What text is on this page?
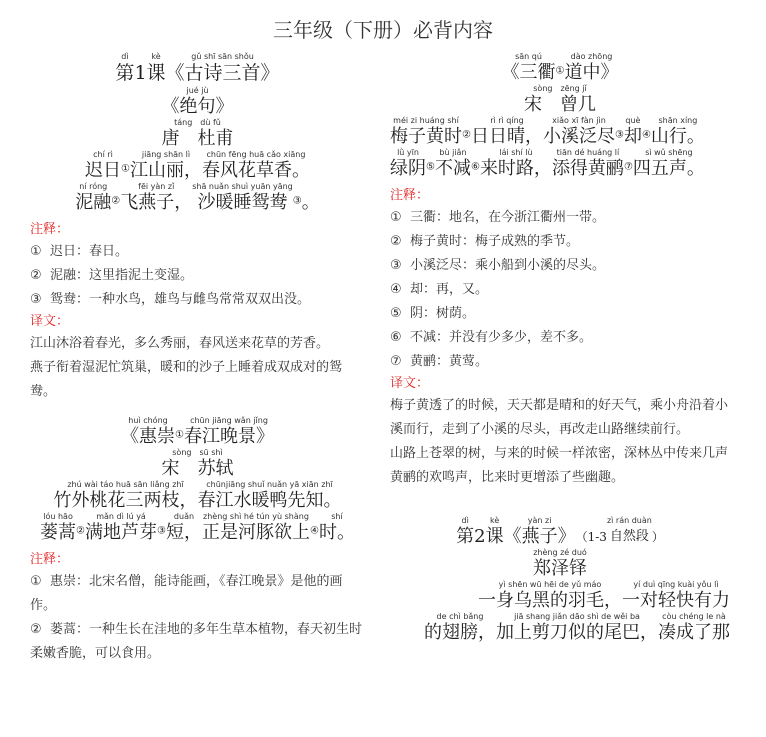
三年级（下册）必背内容
dì
第 1
kè
课
gǔ shī sān shǒu
《古诗三首》
jué jù
《绝句》
táng　dù fǔ
唐　杜甫
chí rì
迟日 ①
jiāng shān lì
江山丽，
chūn fēng huā cǎo xiāng
春风花草香。
ní róng
泥融 ②
fēi yàn zǐ
飞燕子，
shā nuǎn shuì yuān yāng
沙暖睡鸳鸯 ③
。
注释：
① 迟日：春日。
② 泥融：这里指泥土变湿。
③ 鸳鸯：一种水鸟，雄鸟与雌鸟常常双双出没。
译文：
江山沐浴着春光，多么秀丽，春风送来花草的芳香。
燕子衔着湿泥忙筑巢，暖和的沙子上睡着成双成对的鸳鸯。
huì chóng
《惠崇 ①
chūn jiāng wǎn jǐng
春江晚景》
sòng　sū shì
宋　苏轼
zhú wài táo huā sān liǎng zhī
竹外桃花三两枝，
chūnjiāng shuǐ nuǎn yā xiān zhī
春江水暖鸭先知。
lóu hāo
蒌蒿 ②
mǎn dì lú yá
满地芦芽 ③
duǎn
短，
zhèng shì hé tún yù shàng
正是河豚欲上 ④
shí
时。
注释：
① 惠崇：北宋名僧，能诗能画，《春江晚景》是他的画作。
② 蒌蒿：一种生长在洼地的多年生草本植物，春天初生时柔嫩香脆，可以食用。
sān qú
《三衢 ①
dào zhōng
道中》
sòng　zēng jǐ
宋　曾几
méi zi huáng shí
梅子黄时 ②
rì rì qíng
日日晴，
xiǎo xī fàn jìn
小溪泛尽 ③
què
却 ④
shān xíng
山行。
lǜ yīn
绿阴 ⑤
bù jiǎn
不减 ⑥
lái shí lù
来时路，
tiān dé huáng lí
添得黄鹂 ⑦
sì wǔ shēng
四五声。
注释：
① 三衢：地名，在今浙江衢州一带。
② 梅子黄时：梅子成熟的季节。
③ 小溪泛尽：乘小船到小溪的尽头。
④ 却：再，又。
⑤ 阴：树荫。
⑥ 不减：并没有少多少，差不多。
⑦ 黄鹂：黄莺。
译文：
梅子黄透了的时候，天天都是晴和的好天气，乘小舟沿着小溪而行，走到了小溪的尽头，再改走山路继续前行。
山路上苍翠的树，与来的时候一样浓密，深林丛中传来几声黄鹂的欢鸣声，比来时更增添了些幽趣。
dì
第 2
kè
课
yàn zi
《燕子》 （1-3
zì rán duàn
自然段 ）
zhèng zé duó
郑泽铎
yì shēn wū hēi de yǔ máo
一身乌黑的羽毛，
yí duì qīng kuài yǒu lì
一对轻快有力
de chì bǎng
的翅膀，
jiā shang jiǎn dāo shì de wěi ba
加上剪刀似的尾巴，
còu chéng le nà
凑成了那
